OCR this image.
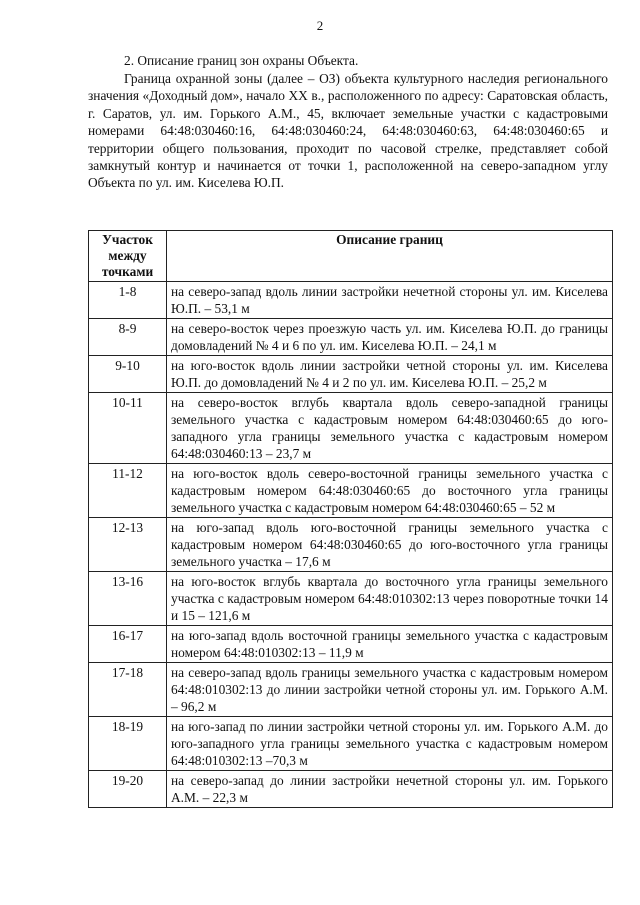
2
2. Описание границ зон охраны Объекта.
Граница охранной зоны (далее – ОЗ) объекта культурного наследия регионального значения «Доходный дом», начало XX в., расположенного по адресу: Саратовская область, г. Саратов, ул. им. Горького А.М., 45, включает земельные участки с кадастровыми номерами 64:48:030460:16, 64:48:030460:24, 64:48:030460:63, 64:48:030460:65 и территории общего пользования, проходит по часовой стрелке, представляет собой замкнутый контур и начинается от точки 1, расположенной на северо-западном углу Объекта по ул. им. Киселева Ю.П.
Участок между точками	Описание границ
1-8	на северо-запад вдоль линии застройки нечетной стороны ул. им. Киселева Ю.П. – 53,1 м
8-9	на северо-восток через проезжую часть ул. им. Киселева Ю.П. до границы домовладений № 4 и 6 по ул. им. Киселева Ю.П. – 24,1 м
9-10	на юго-восток вдоль линии застройки четной стороны ул. им. Киселева Ю.П. до домовладений № 4 и 2 по ул. им. Киселева Ю.П. – 25,2 м
10-11	на северо-восток вглубь квартала вдоль северо-западной границы земельного участка с кадастровым номером 64:48:030460:65 до юго-западного угла границы земельного участка с кадастровым номером 64:48:030460:13 – 23,7 м
11-12	на юго-восток вдоль северо-восточной границы земельного участка с кадастровым номером 64:48:030460:65 до восточного угла границы земельного участка с кадастровым номером 64:48:030460:65 – 52 м
12-13	на юго-запад вдоль юго-восточной границы земельного участка с кадастровым номером 64:48:030460:65 до юго-восточного угла границы земельного участка – 17,6 м
13-16	на юго-восток вглубь квартала до восточного угла границы земельного участка с кадастровым номером 64:48:010302:13 через поворотные точки 14 и 15 – 121,6 м
16-17	на юго-запад вдоль восточной границы земельного участка с кадастровым номером 64:48:010302:13 – 11,9 м
17-18	на северо-запад вдоль границы земельного участка с кадастровым номером 64:48:010302:13 до линии застройки четной стороны ул. им. Горького А.М. – 96,2 м
18-19	на юго-запад по линии застройки четной стороны ул. им. Горького А.М. до юго-западного угла границы земельного участка с кадастровым номером 64:48:010302:13 –70,3 м
19-20	на северо-запад до линии застройки нечетной стороны ул. им. Горького А.М. – 22,3 м
